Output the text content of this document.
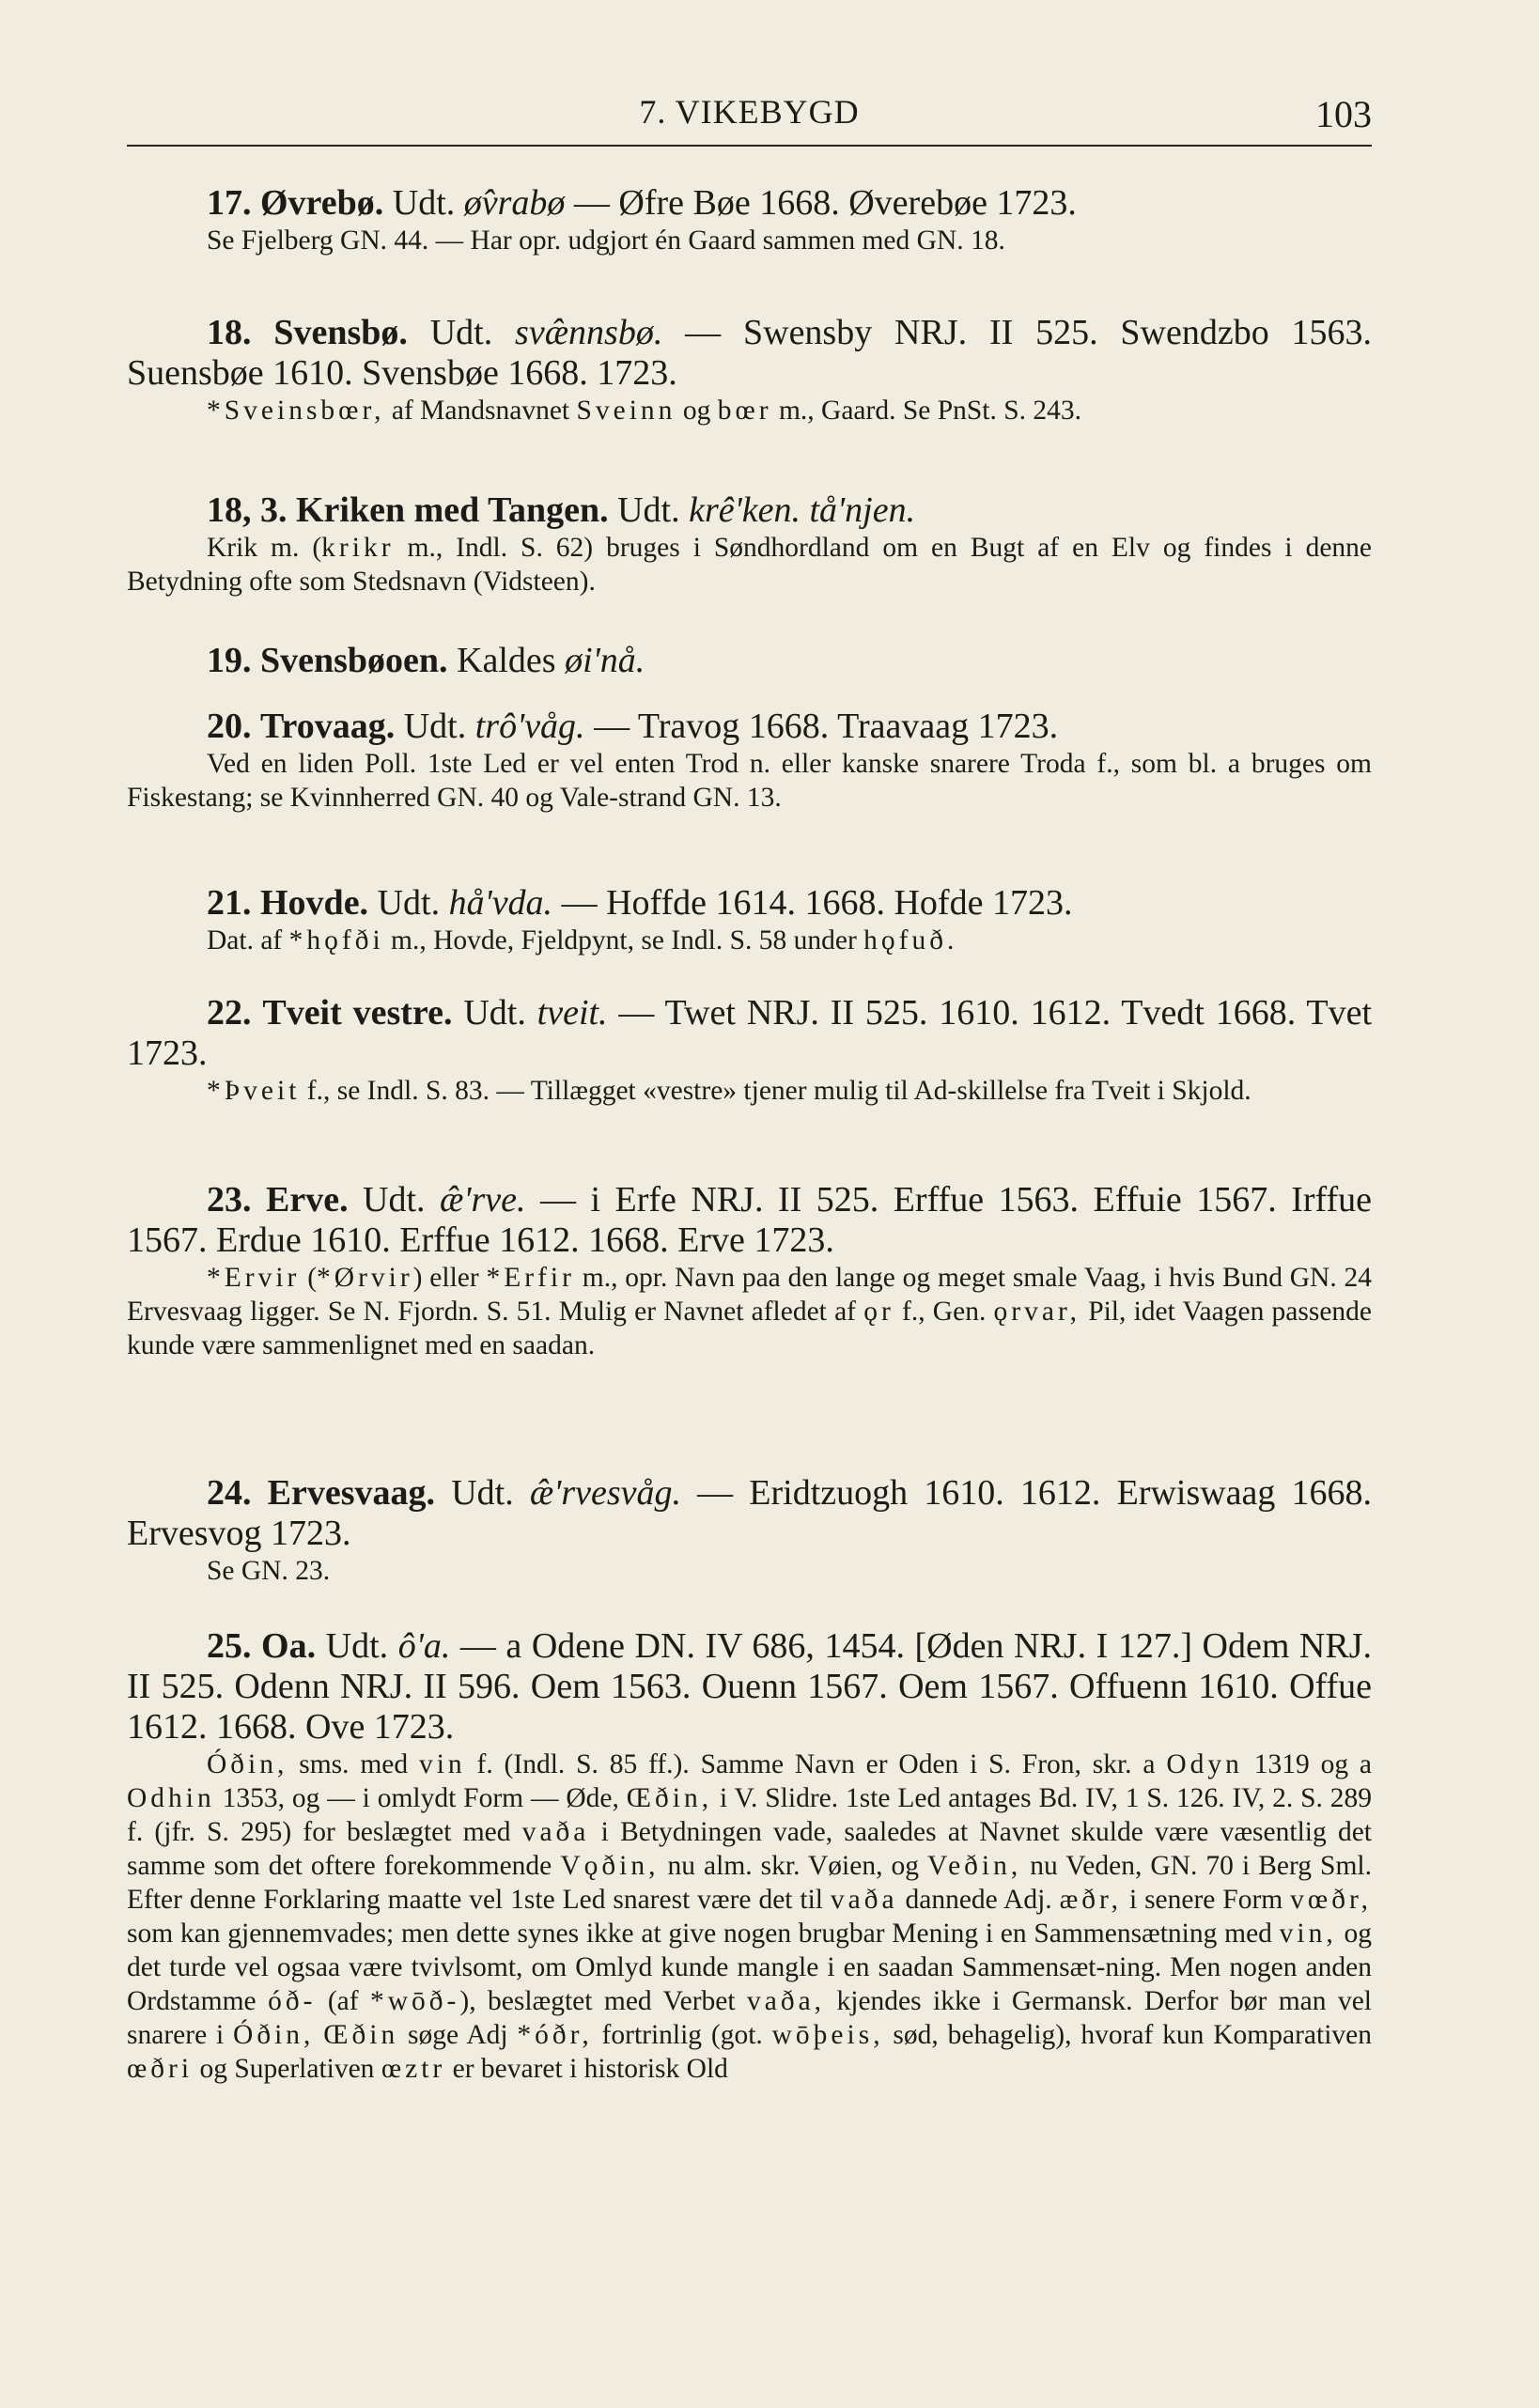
7. VIKEBYGD	103

17. Øvrebø. Udt. ø̂vrabø — Øfre Bøe 1668. Øverebøe 1723.

Se Fjelberg GN. 44. — Har opr. udgjort én Gaard sammen med GN. 18.

18. Svensbø. Udt. svæ̂nnsbø. — Swensby NRJ. II 525. Swendzbo 1563. Suensbøe 1610. Svensbøe 1668. 1723.

*Sveinsbœr, af Mandsnavnet Sveinn og bœr m., Gaard. Se PnSt. S. 243.

18, 3. Kriken med Tangen. Udt. krê'ken. tå'njen.

Krik m. (krikr m., Indl. S. 62) bruges i Søndhordland om en Bugt af en Elv og findes i denne Betydning ofte som Stedsnavn (Vidsteen).

19. Svensbøoen. Kaldes øi'nå.

20. Trovaag. Udt. trô'våg. — Travog 1668. Traavaag 1723.

Ved en liden Poll. 1ste Led er vel enten Trod n. eller kanske snarere Troda f., som bl. a bruges om Fiskestang; se Kvinnherred GN. 40 og Vale-strand GN. 13.

21. Hovde. Udt. hå'vda. — Hoffde 1614. 1668. Hofde 1723.

Dat. af *hǫfði m., Hovde, Fjeldpynt, se Indl. S. 58 under hǫfuð.

22. Tveit vestre. Udt. tveit. — Twet NRJ. II 525. 1610. 1612. Tvedt 1668. Tvet 1723.

*Þveit f., se Indl. S. 83. — Tillægget «vestre» tjener mulig til Ad-skillelse fra Tveit i Skjold.

23. Erve. Udt. æ̂'rve. — i Erfe NRJ. II 525. Erffue 1563. Effuie 1567. Irffue 1567. Erdue 1610. Erffue 1612. 1668. Erve 1723.

*Ervir (*Ørvir) eller *Erfir m., opr. Navn paa den lange og meget smale Vaag, i hvis Bund GN. 24 Ervesvaag ligger. Se N. Fjordn. S. 51. Mulig er Navnet afledet af ǫr f., Gen. ǫrvar, Pil, idet Vaagen passende kunde være sammenlignet med en saadan.

24. Ervesvaag. Udt. æ̂'rvesvåg. — Eridtzuogh 1610. 1612. Erwiswaag 1668. Ervesvog 1723.

Se GN. 23.

25. Oa. Udt. ô'a. — a Odene DN. IV 686, 1454. [Øden NRJ. I 127.] Odem NRJ. II 525. Odenn NRJ. II 596. Oem 1563. Ouenn 1567. Oem 1567. Offuenn 1610. Offue 1612. 1668. Ove 1723.

Óðin, sms. med vin f. (Indl. S. 85 ff.). Samme Navn er Oden i S. Fron, skr. a Odyn 1319 og a Odhin 1353, og — i omlydt Form — Øde, Œðin, i V. Slidre. 1ste Led antages Bd. IV, 1 S. 126. IV, 2. S. 289 f. (jfr. S. 295) for beslægtet med vaða i Betydningen vade, saaledes at Navnet skulde være væsentlig det samme som det oftere forekommende Vǫðin, nu alm. skr. Vøien, og Veðin, nu Veden, GN. 70 i Berg Sml. Efter denne Forklaring maatte vel 1ste Led snarest være det til vaða dannede Adj. æðr, i senere Form vœðr, som kan gjennemvades; men dette synes ikke at give nogen brugbar Mening i en Sammensætning med vin, og det turde vel ogsaa være tvivlsomt, om Omlyd kunde mangle i en saadan Sammensæt-ning. Men nogen anden Ordstamme óð- (af *wōð-), beslægtet med Verbet vaða, kjendes ikke i Germansk. Derfor bør man vel snarere i Óðin, Œðin søge Adj *óðr, fortrinlig (got. wōþeis, sød, behagelig), hvoraf kun Komparativen œðri og Superlativen œztr er bevaret i historisk Old
